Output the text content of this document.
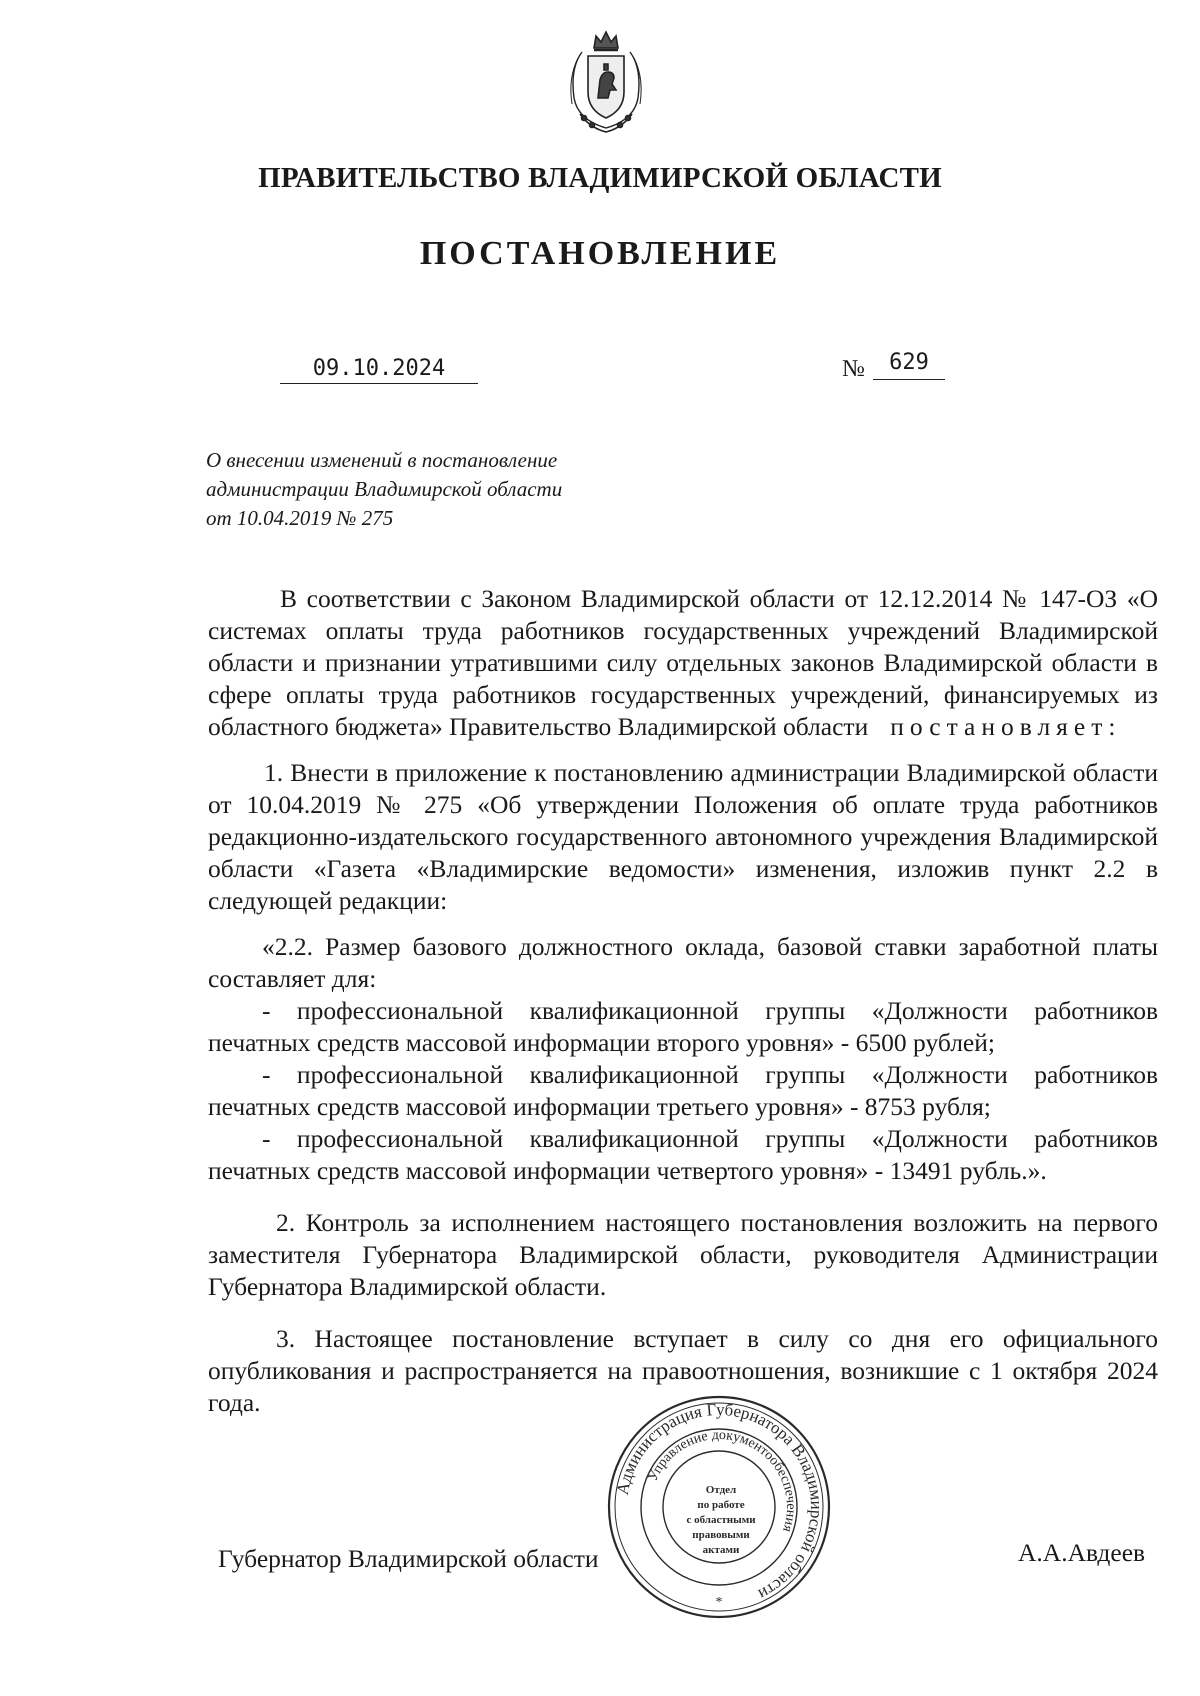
ПРАВИТЕЛЬСТВО ВЛАДИМИРСКОЙ ОБЛАСТИ
ПОСТАНОВЛЕНИЕ
09.10.2024	№	629
О внесении изменений в постановление
администрации Владимирской области
от 10.04.2019 № 275

В соответствии с Законом Владимирской области от 12.12.2014 № 147-ОЗ «О системах оплаты труда работников государственных учреждений Владимирской области и признании утратившими силу отдельных законов Владимирской области в сфере оплаты труда работников государственных учреждений, финансируемых из областного бюджета» Правительство Владимирской области постановляет:

1. Внести в приложение к постановлению администрации Владимирской области от 10.04.2019 № 275 «Об утверждении Положения об оплате труда работников редакционно-издательского государственного автономного учреждения Владимирской области «Газета «Владимирские ведомости» изменения, изложив пункт 2.2 в следующей редакции:

«2.2. Размер базового должностного оклада, базовой ставки заработной платы составляет для:

- профессиональной квалификационной группы «Должности работников печатных средств массовой информации второго уровня» - 6500 рублей;

- профессиональной квалификационной группы «Должности работников печатных средств массовой информации третьего уровня» - 8753 рубля;

- профессиональной квалификационной группы «Должности работников печатных средств массовой информации четвертого уровня» - 13491 рубль.».

2. Контроль за исполнением настоящего постановления возложить на первого заместителя Губернатора Владимирской области, руководителя Администрации Губернатора Владимирской области.

3. Настоящее постановление вступает в силу со дня его официального опубликования и распространяется на правоотношения, возникшие с 1 октября 2024 года.

Губернатор Владимирской области	А.А.Авдеев
Администрация Губернатора Владимирской области
Управление документообеспечения
*
Отдел
по работе
с областными
правовыми
актами
